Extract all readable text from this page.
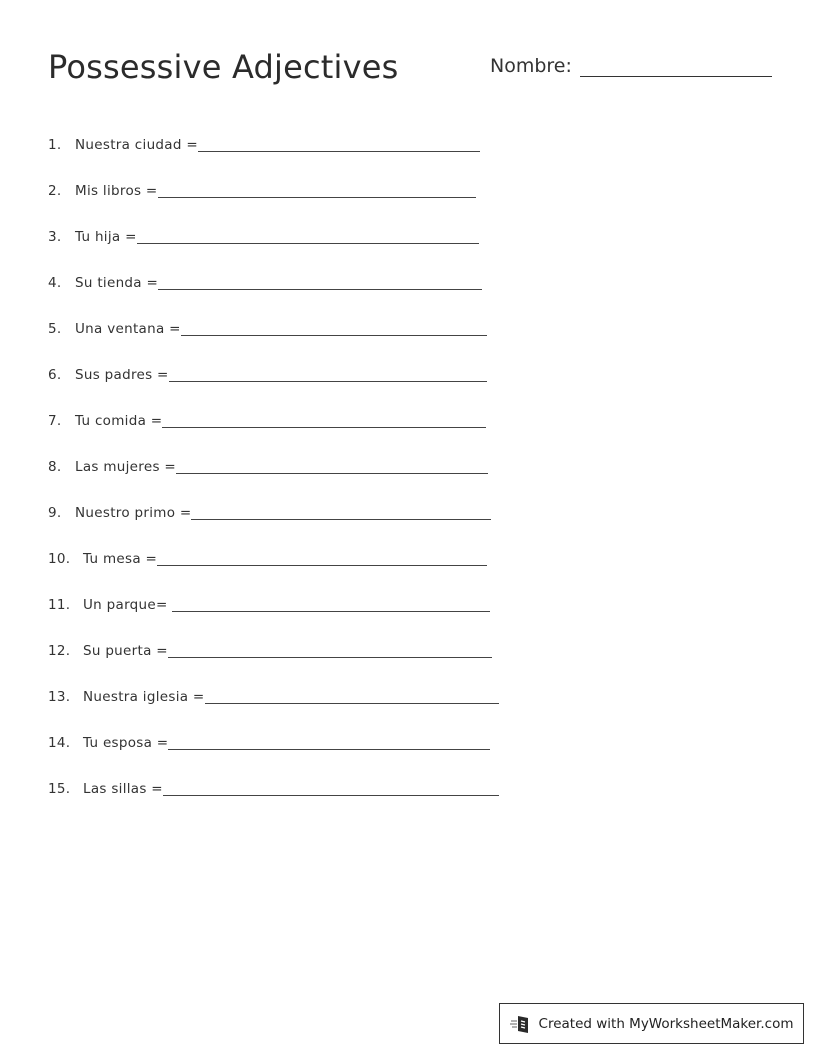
Possessive Adjectives	Nombre:
1.	Nuestra ciudad =
2.	Mis libros =
3.	Tu hija =
4.	Su tienda =
5.	Una ventana =
6.	Sus padres =
7.	Tu comida =
8.	Las mujeres =
9.	Nuestro primo =
10. Tu mesa =
11. Un parque=
12. Su puerta =
13. Nuestra iglesia =
14. Tu esposa =
15. Las sillas =
Created with MyWorksheetMaker.com
